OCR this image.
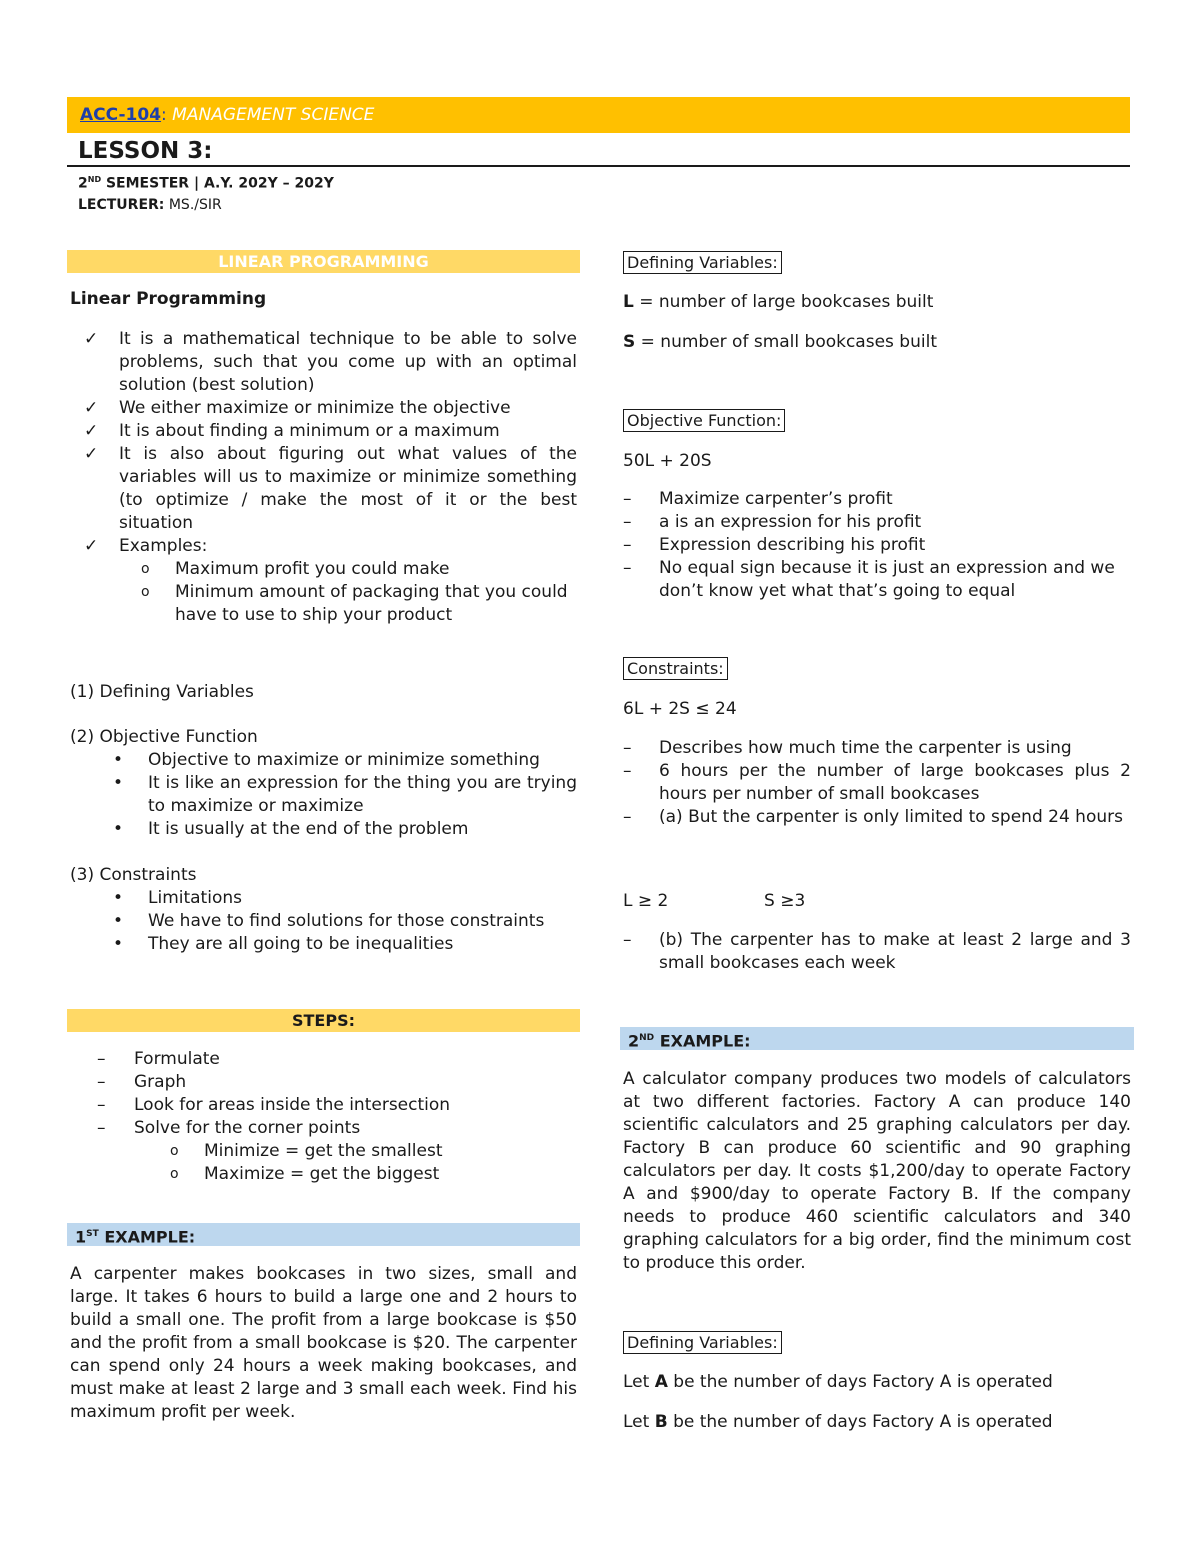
ACC-104: MANAGEMENT SCIENCE
LESSON 3:
2ND SEMESTER | A.Y. 202Y – 202Y
LECTURER: MS./SIR
LINEAR PROGRAMMING
Linear Programming
✓ It is a mathematical technique to be able to solve problems, such that you come up with an optimal solution (best solution)
✓ We either maximize or minimize the objective
✓ It is about finding a minimum or a maximum
✓ It is also about figuring out what values of the variables will us to maximize or minimize something (to optimize / make the most of it or the best situation
✓ Examples:
o Maximum profit you could make
o Minimum amount of packaging that you could have to use to ship your product
(1) Defining Variables
(2) Objective Function
• Objective to maximize or minimize something
• It is like an expression for the thing you are trying to maximize or maximize
• It is usually at the end of the problem
(3) Constraints
• Limitations
• We have to find solutions for those constraints
• They are all going to be inequalities
STEPS:
– Formulate
– Graph
– Look for areas inside the intersection
– Solve for the corner points
o Minimize = get the smallest
o Maximize = get the biggest
1ST EXAMPLE:
A carpenter makes bookcases in two sizes, small and large. It takes 6 hours to build a large one and 2 hours to build a small one. The profit from a large bookcase is $50 and the profit from a small bookcase is $20. The carpenter can spend only 24 hours a week making bookcases, and must make at least 2 large and 3 small each week. Find his maximum profit per week.
Defining Variables:
L = number of large bookcases built
S = number of small bookcases built
Objective Function:
50L + 20S
– Maximize carpenter’s profit
– a is an expression for his profit
– Expression describing his profit
– No equal sign because it is just an expression and we don’t know yet what that’s going to equal
Constraints:
6L + 2S ≤ 24
– Describes how much time the carpenter is using
– 6 hours per the number of large bookcases plus 2 hours per number of small bookcases
– (a) But the carpenter is only limited to spend 24 hours
L ≥ 2	S ≥3
– (b) The carpenter has to make at least 2 large and 3 small bookcases each week
2ND EXAMPLE:
A calculator company produces two models of calculators at two different factories. Factory A can produce 140 scientific calculators and 25 graphing calculators per day. Factory B can produce 60 scientific and 90 graphing calculators per day. It costs $1,200/day to operate Factory A and $900/day to operate Factory B. If the company needs to produce 460 scientific calculators and 340 graphing calculators for a big order, find the minimum cost to produce this order.
Defining Variables:
Let A be the number of days Factory A is operated
Let B be the number of days Factory A is operated
